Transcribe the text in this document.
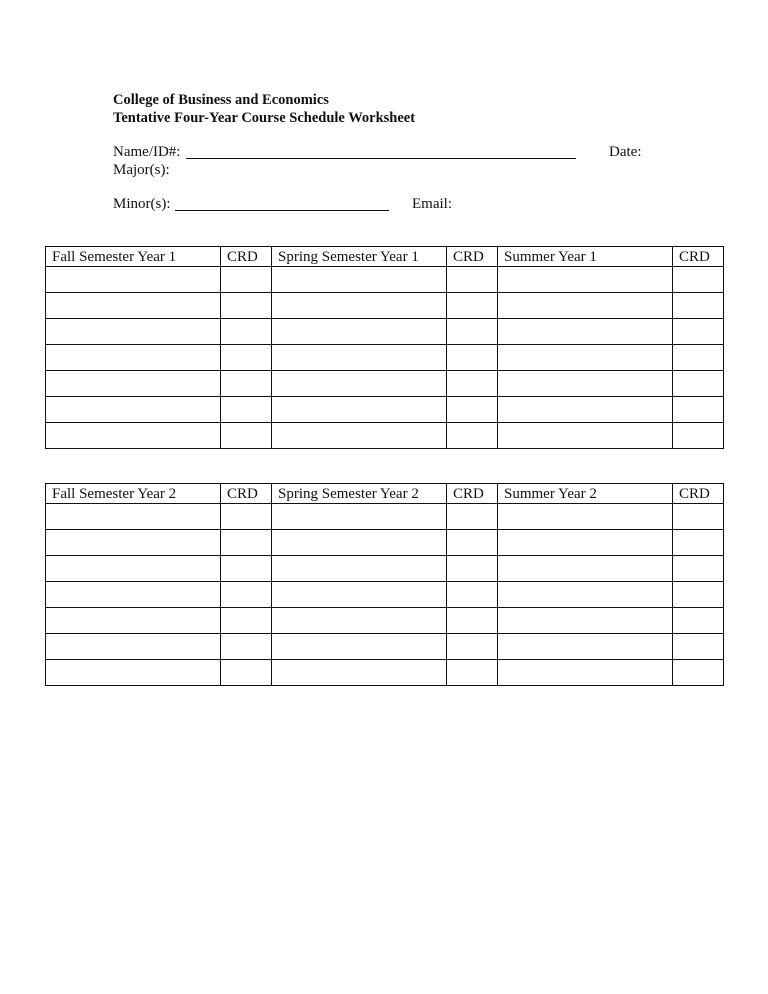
College of Business and Economics
Tentative Four-Year Course Schedule Worksheet
Name/ID#:	Date:
Major(s):
Minor(s):	Email:
Fall Semester Year 1	CRD	Spring Semester Year 1	CRD	Summer Year 1	CRD

Fall Semester Year 2	CRD	Spring Semester Year 2	CRD	Summer Year 2	CRD
